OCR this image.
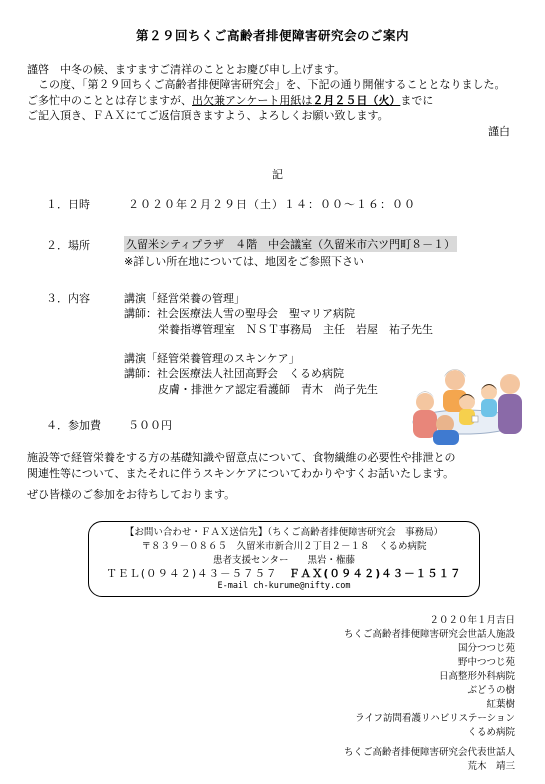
第２９回ちくご高齢者排便障害研究会のご案内
謹啓　中冬の候、ますますご清祥のこととお慶び申し上げます。
　この度、「第２９回ちくご高齢者排便障害研究会」を、下記の通り開催することとなりました。
ご多忙中のこととは存じますが、出欠兼アンケート用紙は２月２５日（火）までに
ご記入頂き、ＦＡＸにてご返信頂きますよう、よろしくお願い致します。
謹白
記
１．日時	２０２０年２月２９日（土）１４：００～１６：００
２．場所	久留米シティプラザ　４階　中会議室（久留米市六ツ門町８－１）
※詳しい所在地については、地図をご参照下さい
３．内容	講演「経営栄養の管理」
講師：社会医療法人雪の聖母会　聖マリア病院
栄養指導管理室　ＮＳＴ事務局　主任　岩屋　祐子先生
講演「経管栄養管理のスキンケア」
講師：社会医療法人社団高野会　くるめ病院
皮膚・排泄ケア認定看護師　青木　尚子先生
４．参加費 ５００円
施設等で経管栄養をする方の基礎知識や留意点について、食物繊維の必要性や排泄との
関連性等について、またそれに伴うスキンケアについてわかりやすくお話いたします。
ぜひ皆様のご参加をお待ちしております。
【お問い合わせ・ＦＡＸ送信先】（ちくご高齢者排便障害研究会　事務局）
〒８３９－０８６５　久留米市新合川２丁目２－１８　くるめ病院
患者支援センター　　黒岩・権藤
ＴＥＬ(０９４２)４３－５７５７　 ＦＡＸ(０９４２)４３－１５１７
E-mail ch-kurume@nifty.com
２０２０年１月吉日
ちくご高齢者排便障害研究会世話人施設
国分つつじ苑
野中つつじ苑
日高整形外科病院
ぶどうの樹
紅葉樹
ライフ訪問看護リハビリステーション
くるめ病院
ちくご高齢者排便障害研究会代表世話人
荒木　靖三
